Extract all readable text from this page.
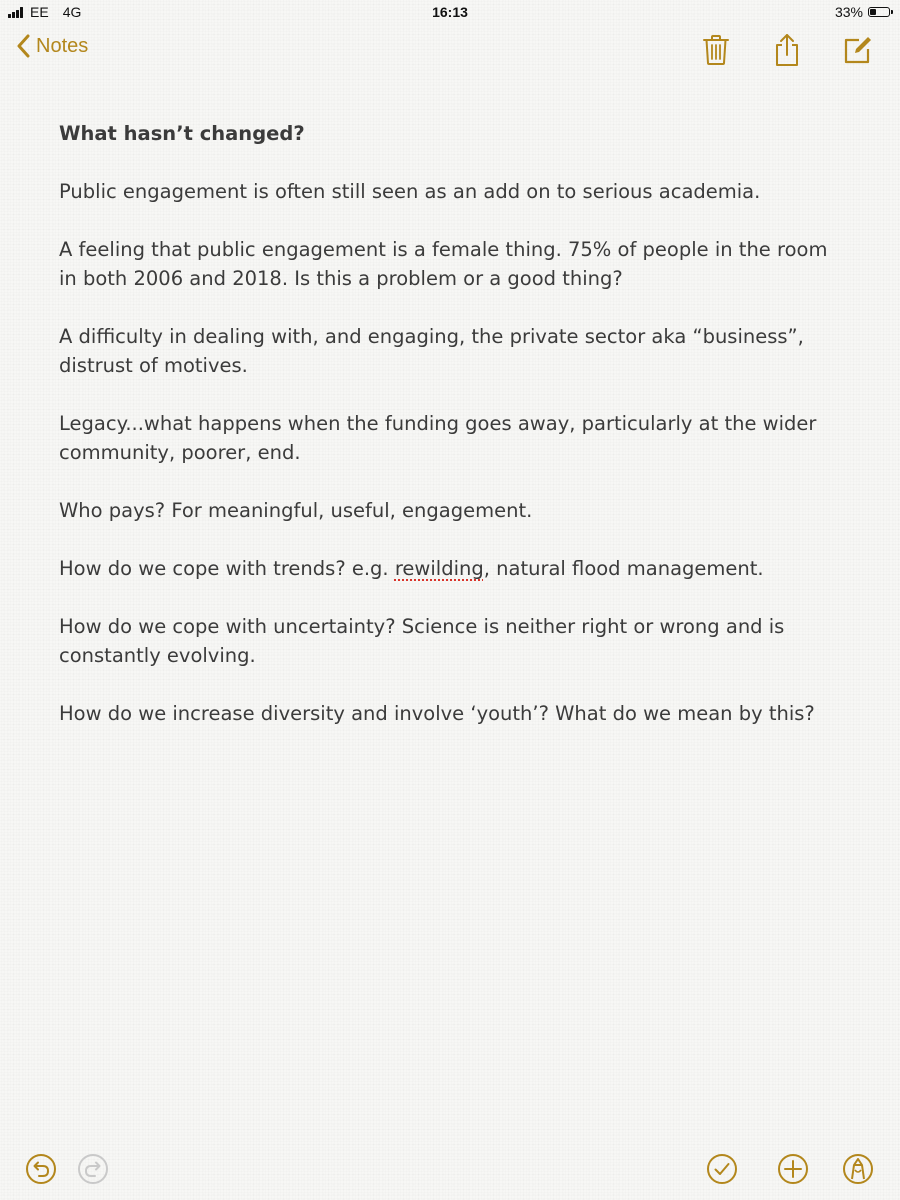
EE 4G	16:13	33%
Notes

What hasn’t changed?

Public engagement is often still seen as an add on to serious academia.

A feeling that public engagement is a female thing. 75% of people in the room in both 2006 and 2018. Is this a problem or a good thing?

A difficulty in dealing with, and engaging, the private sector aka “business”, distrust of motives.

Legacy...what happens when the funding goes away, particularly at the wider community, poorer, end.

Who pays? For meaningful, useful, engagement.

How do we cope with trends? e.g. rewilding, natural flood management.

How do we cope with uncertainty? Science is neither right or wrong and is constantly evolving.

How do we increase diversity and involve ‘youth’? What do we mean by this?
